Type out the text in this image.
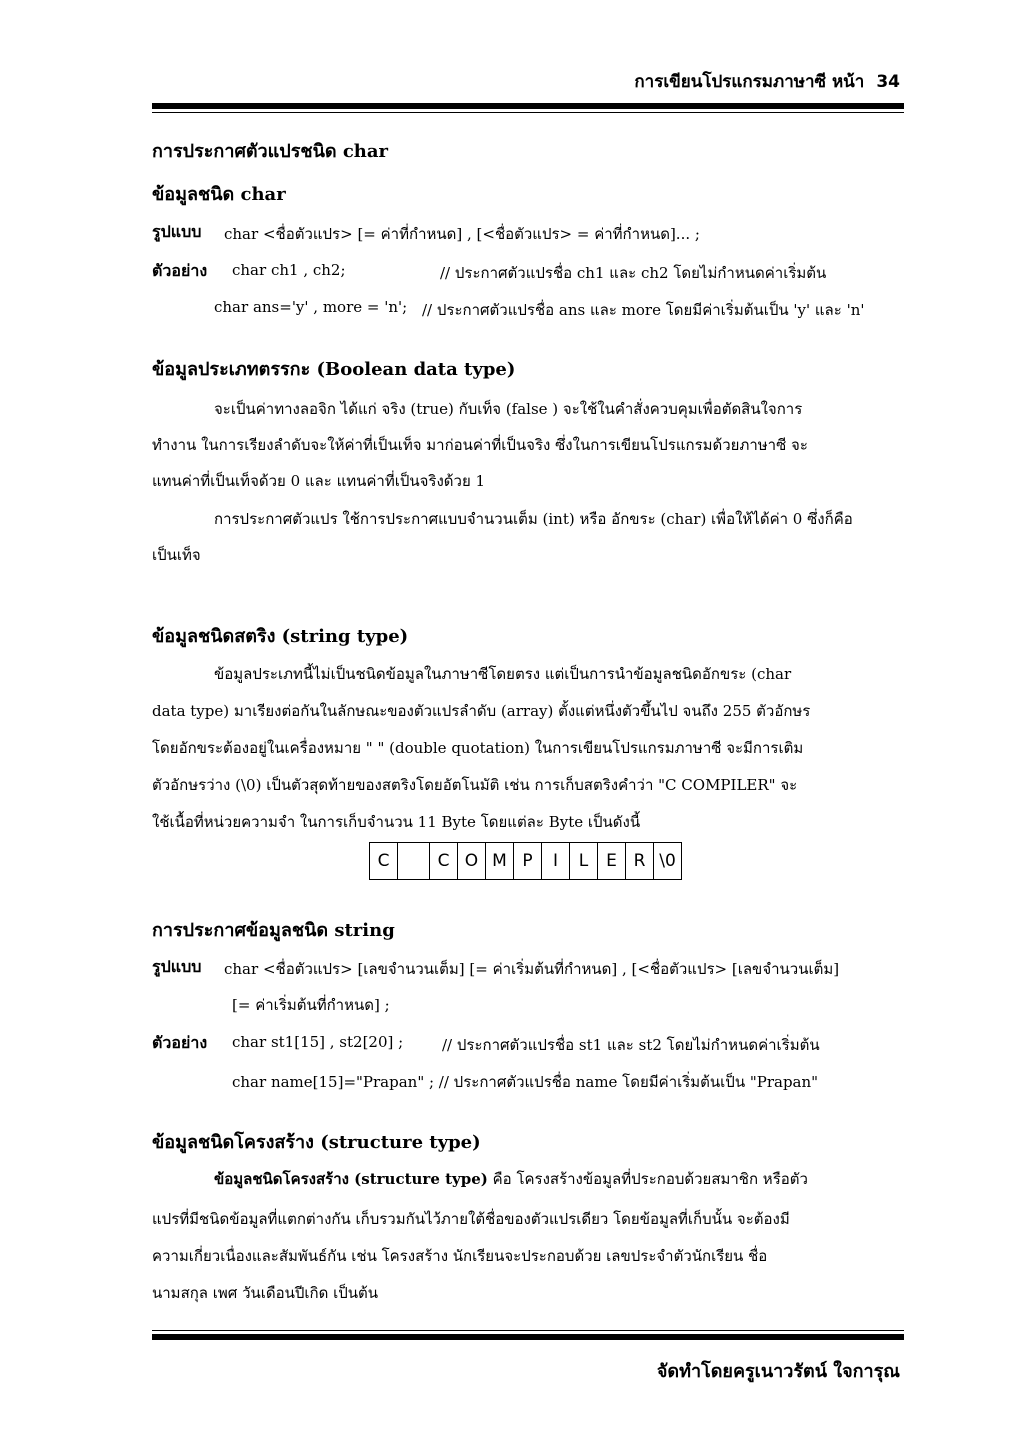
การเขียนโปรแกรมภาษาซี หน้า 34
การประกาศตัวแปรชนิด char
ข้อมูลชนิด char
รูปแบบ char <ชื่อตัวแปร> [= ค่าที่กำหนด] , [<ชื่อตัวแปร> = ค่าที่กำหนด]... ;
ตัวอย่าง char ch1 , ch2;	// ประกาศตัวแปรชื่อ ch1 และ ch2 โดยไม่กำหนดค่าเริ่มต้น
char ans='y' , more = 'n'; // ประกาศตัวแปรชื่อ ans และ more โดยมีค่าเริ่มต้นเป็น 'y' และ 'n'
ข้อมูลประเภทตรรกะ (Boolean data type)
จะเป็นค่าทางลอจิก ได้แก่ จริง (true) กับเท็จ (false ) จะใช้ในคำสั่งควบคุมเพื่อตัดสินใจการ
ทำงาน ในการเรียงลำดับจะให้ค่าที่เป็นเท็จ มาก่อนค่าที่เป็นจริง ซึ่งในการเขียนโปรแกรมด้วยภาษาซี จะ
แทนค่าที่เป็นเท็จด้วย 0 และ แทนค่าที่เป็นจริงด้วย 1
การประกาศตัวแปร ใช้การประกาศแบบจำนวนเต็ม (int) หรือ อักขระ (char) เพื่อให้ได้ค่า 0 ซึ่งก็คือ
เป็นเท็จ
ข้อมูลชนิดสตริง (string type)
ข้อมูลประเภทนี้ไม่เป็นชนิดข้อมูลในภาษาซีโดยตรง แต่เป็นการนำข้อมูลชนิดอักขระ (char
data type) มาเรียงต่อกันในลักษณะของตัวแปรลำดับ (array) ตั้งแต่หนึ่งตัวขึ้นไป จนถึง 255 ตัวอักษร
โดยอักขระต้องอยู่ในเครื่องหมาย " " (double quotation) ในการเขียนโปรแกรมภาษาซี จะมีการเติม
ตัวอักษรว่าง (\0) เป็นตัวสุดท้ายของสตริงโดยอัตโนมัติ เช่น การเก็บสตริงคำว่า "C COMPILER" จะ
ใช้เนื้อที่หน่วยความจำ ในการเก็บจำนวน 11 Byte โดยแต่ละ Byte เป็นดังนี้
C	C O M P	I	L	E R \0
การประกาศข้อมูลชนิด string
รูปแบบ char <ชื่อตัวแปร> [เลขจำนวนเต็ม] [= ค่าเริ่มต้นที่กำหนด] , [<ชื่อตัวแปร> [เลขจำนวนเต็ม]
[= ค่าเริ่มต้นที่กำหนด] ;
ตัวอย่าง char st1[15] , st2[20] ;	// ประกาศตัวแปรชื่อ st1 และ st2 โดยไม่กำหนดค่าเริ่มต้น
char name[15]="Prapan" ; // ประกาศตัวแปรชื่อ name โดยมีค่าเริ่มต้นเป็น "Prapan"
ข้อมูลชนิดโครงสร้าง (structure type)
ข้อมูลชนิดโครงสร้าง (structure type) คือ โครงสร้างข้อมูลที่ประกอบด้วยสมาชิก หรือตัว
แปรที่มีชนิดข้อมูลที่แตกต่างกัน เก็บรวมกันไว้ภายใต้ชื่อของตัวแปรเดียว โดยข้อมูลที่เก็บนั้น จะต้องมี
ความเกี่ยวเนื่องและสัมพันธ์กัน เช่น โครงสร้าง นักเรียนจะประกอบด้วย เลขประจำตัวนักเรียน ชื่อ
นามสกุล เพศ วันเดือนปีเกิด เป็นต้น
จัดทำโดยครูเนาวรัตน์ ใจการุณ
